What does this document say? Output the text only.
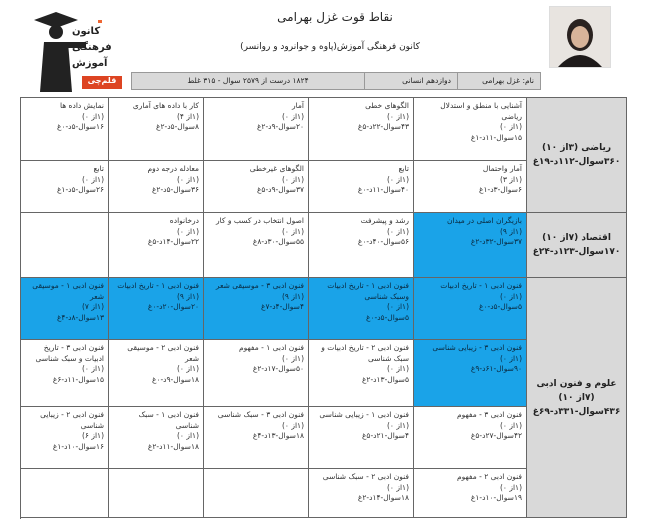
کانون
فرهنگی
آموزش
قلم‌چی
نقاط قوت غزل بهرامی
کانون فرهنگی آموزش(پاوه و جوانرود و روانسر)
نام: غزل بهرامی
دوازدهم انسانی
۱۸۲۴ درست از ۲۵۷۹ سوال - ۳۱۵ غلط
ریاضی (۳از ۱۰)
۳۶۰سوال-۱۱۲د-۱۹غ
اقتصاد (۷از ۱۰)
۱۷۰سوال-۱۲۳د-۲۴غ
علوم و فنون ادبی
(۷از ۱۰)
۴۳۶سوال-۳۳۱د-۶۹غ
آشنایی با منطق و استدلال ریاضی
(۱از ۰)
۱۵سوال-۱۱د-۱غ
الگوهای خطی
(۱از ۰)
۴۳سوال-۲۲د-۵غ
آمار
(۱از ۰)
۲۰سوال-۹د-۲غ
کار با داده های آماری
(۱از ۴)
۸سوال-۵د-۲غ
نمایش داده ها
(۱از ۰)
۱۶سوال-۵د-۰غ
آمار واحتمال
(۱از ۳)
۶سوال-۳د-۱غ
تابع
(۱از ۰)
۴۰سوال-۱۱د-۰غ
الگوهای غیرخطی
(۱از ۰)
۳۷سوال-۹د-۵غ
معادله درجه دوم
(۱از ۰)
۳۶سوال-۵د-۲غ
تابع
(۱از ۰)
۲۶سوال-۵د-۱غ
بازیگران اصلی در میدان
(۱از ۹)
۳۷سوال-۳۲د-۲غ
رشد و پیشرفت
(۱از ۰)
۵۶سوال-۴۰د-۰غ
اصول انتخاب در کسب و کار
(۱از ۰)
۵۵سوال-۳۰د-۸غ
درخانواده
(۱از ۰)
۲۲سوال-۱۴د-۵غ
فنون ادبی ۱ - تاریخ ادبیات
(۱از ۰)
۵سوال-۵د-۰غ
فنون ادبی ۱ - تاریخ ادبیات وسبک شناسی
(۱از ۰)
۵سوال-۵د-۰غ
فنون ادبی ۳ - موسیقی شعر
(۱از ۹)
۴سوال-۴د-۷غ
فنون ادبی ۱ - تاریخ ادبیات
(۱از ۹)
۲۰سوال-۲۰د-۰غ
فنون ادبی ۱ - موسیقی شعر
(۱از ۷)
۱۳سوال-۸د-۴غ
فنون ادبی ۳ - زیبایی شناسی
(۱از ۰)
۹۰سوال-۶۱د-۹غ
فنون ادبی ۲ - تاریخ ادبیات و سبک شناسی
(۱از ۰)
۵سوال-۱۳د-۲غ
فنون ادبی ۱ - مفهوم
(۱از ۰)
۵۰سوال-۱۷د-۲غ
فنون ادبی ۲ - موسیقی شعر
(۱از ۰)
۱۸سوال-۹د-۰غ
فنون ادبی ۳ - تاریخ ادبیات و سبک شناسی
(۱از ۰)
۱۵سوال-۱۱د-۶غ
فنون ادبی ۳ - مفهوم
(۱از ۰)
۴۲سوال-۲۷د-۵غ
فنون ادبی ۱ - زیبایی شناسی
(۱از ۰)
۴سوال-۲۱د-۵غ
فنون ادبی ۳ - سبک شناسی
(۱از ۰)
۱۸سوال-۱۳د-۴غ
فنون ادبی ۱ - سبک شناسی
(۱از ۰)
۱۸سوال-۱۱د-۲غ
فنون ادبی ۲ - زیبایی شناسی
(۱از ۶)
۱۶سوال-۱۰د-۱غ
فنون ادبی ۲ - مفهوم
(۱از ۰)
۱۹سوال-۱۰د-۱غ
فنون ادبی ۲ - سبک شناسی
(۱از ۰)
۱۸سوال-۱۴د-۲غ
